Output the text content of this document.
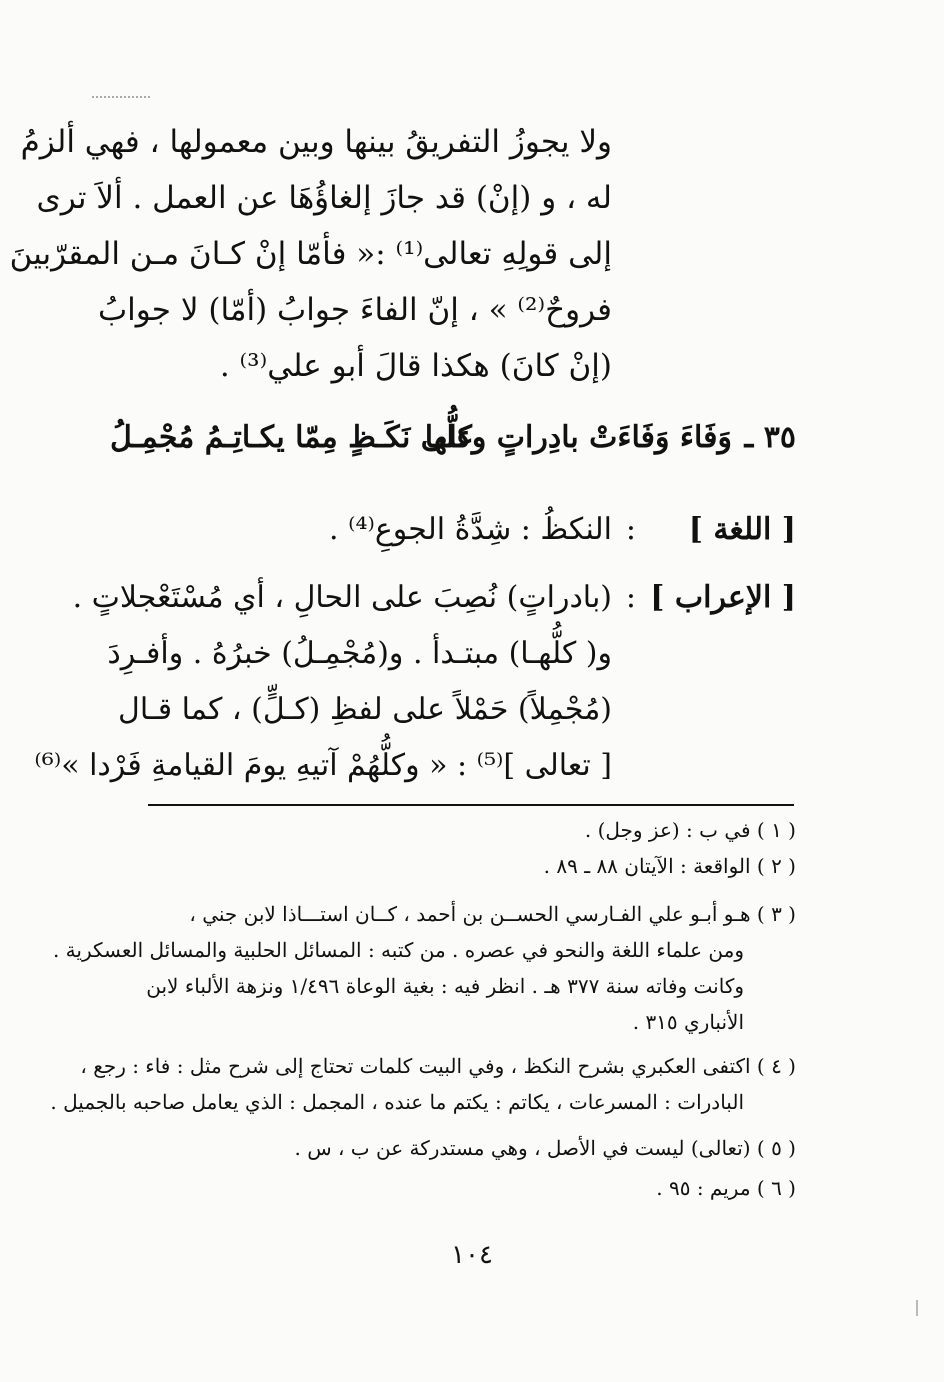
ولا يجوزُ التفريقُ بينها وبين معمولها ، فهي ألزمُ
له ، و (إنْ) قد جازَ إلغاؤُهَا عن العمل . ألاَ ترى
إلى قولِهِ تعالى⁽¹⁾ :« فأمّا إنْ كـانَ مـن المقرّبينَ
فروحٌ⁽²⁾ » ، إنّ الفاءَ جوابُ (أمّا) لا جوابُ
(إنْ كانَ) هكذا قالَ أبو علي⁽³⁾ .
٣٥ ـ
وَفَاءَ وَفَاءَتْ بادِراتٍ وكلُّها
على نَكَـظٍ مِمّا يكـاتِـمُ مُجْمِـلُ
[ اللغة ]
:
النكظُ : شِدَّةُ الجوعِ⁽⁴⁾ .
[ الإعراب ]
:
(بادراتٍ) نُصِبَ على الحالِ ، أي مُسْتَعْجلاتٍ .
و( كلُّهـا) مبتـدأ . و(مُجْمِـلُ) خبرُهُ . وأفـرِدَ
(مُجْمِلاً) حَمْلاً على لفظِ (كـلٍّ) ، كما قـال
[ تعالى ]⁽⁵⁾ : « وكلُّهُمْ آتيهِ يومَ القيامةِ فَرْدا »⁽⁶⁾
( ١ ) في ب : (عز وجل) .
( ٢ ) الواقعة : الآيتان ٨٨ ـ ٨٩ .
( ٣ ) هـو أبـو علي الفـارسي الحســن بن أحمد ، كــان استـــاذا لابن جني ،
ومن علماء اللغة والنحو في عصره . من كتبه : المسائل الحلبية والمسائل العسكرية .
وكانت وفاته سنة ٣٧٧ هـ . انظر فيه : بغية الوعاة ١/٤٩٦ ونزهة الألباء لابن
الأنباري ٣١٥ .
( ٤ ) اكتفى العكبري بشرح النكظ ، وفي البيت كلمات تحتاج إلى شرح مثل : فاء : رجع ،
البادرات : المسرعات ، يكاتم : يكتم ما عنده ، المجمل : الذي يعامل صاحبه بالجميل .
( ٥ ) (تعالى) ليست في الأصل ، وهي مستدركة عن ب ، س .
( ٦ ) مريم : ٩٥ .
١٠٤
